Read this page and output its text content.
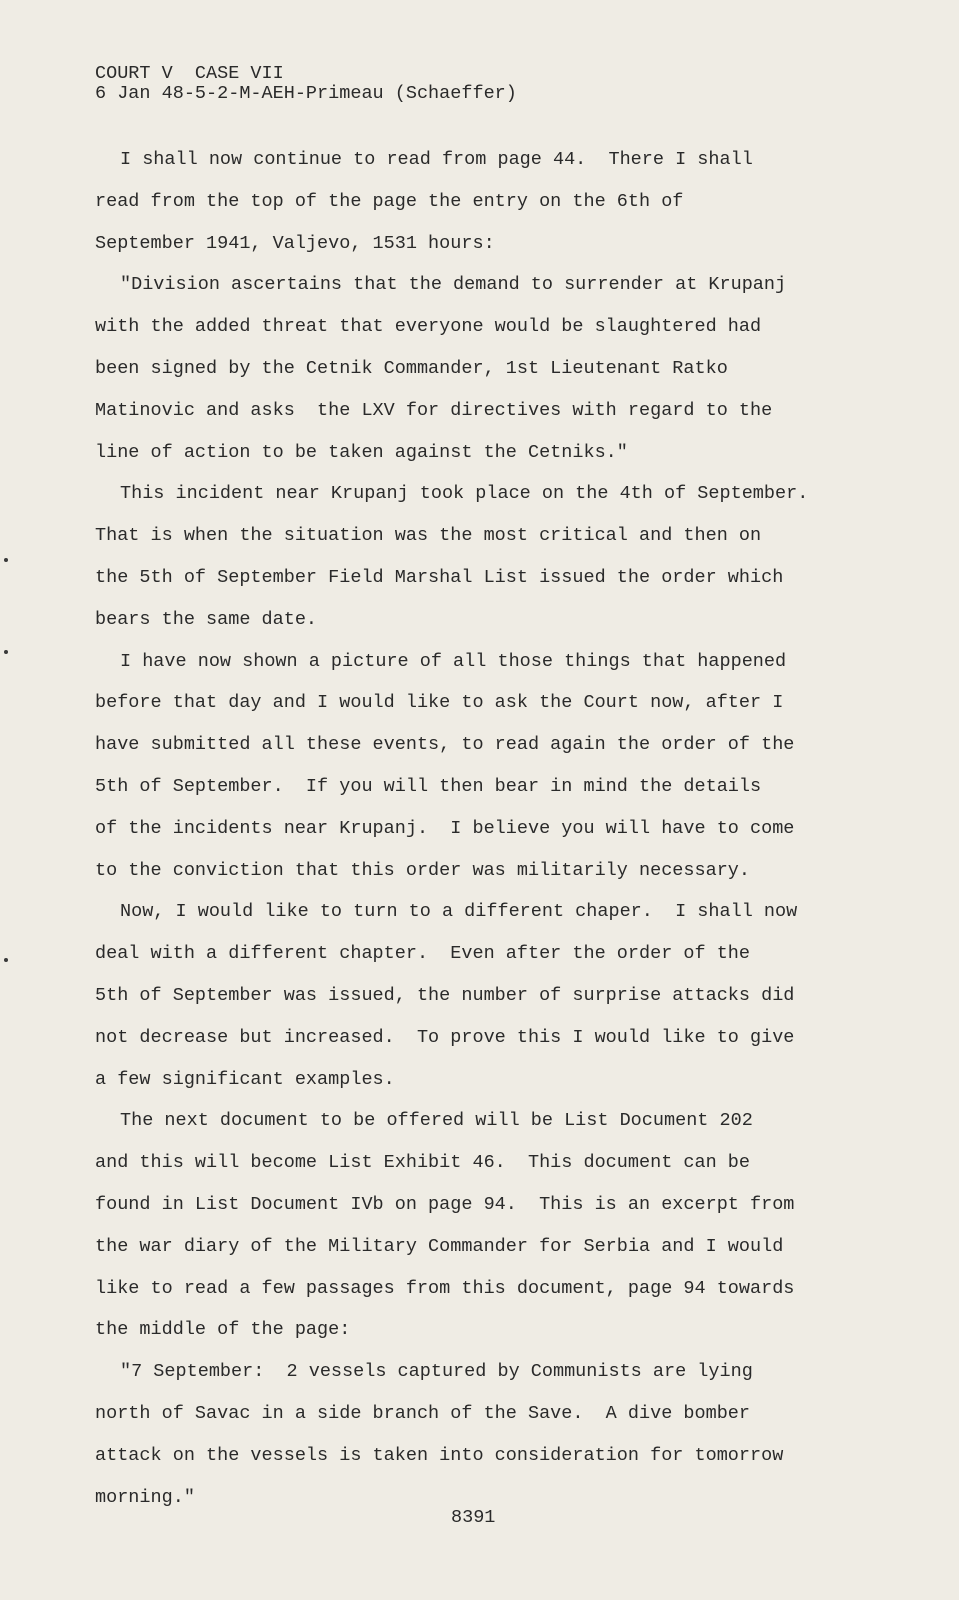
COURT V  CASE VII
6 Jan 48-5-2-M-AEH-Primeau (Schaeffer)
I shall now continue to read from page 44.  There I shall
read from the top of the page the entry on the 6th of
September 1941, Valjevo, 1531 hours:
"Division ascertains that the demand to surrender at Krupanj
with the added threat that everyone would be slaughtered had
been signed by the Cetnik Commander, 1st Lieutenant Ratko
Matinovic and asks  the LXV for directives with regard to the
line of action to be taken against the Cetniks."
This incident near Krupanj took place on the 4th of September.
That is when the situation was the most critical and then on
the 5th of September Field Marshal List issued the order which
bears the same date.
I have now shown a picture of all those things that happened
before that day and I would like to ask the Court now, after I
have submitted all these events, to read again the order of the
5th of September.  If you will then bear in mind the details
of the incidents near Krupanj.  I believe you will have to come
to the conviction that this order was militarily necessary.
Now, I would like to turn to a different chaper.  I shall now
deal with a different chapter.  Even after the order of the
5th of September was issued, the number of surprise attacks did
not decrease but increased.  To prove this I would like to give
a few significant examples.
The next document to be offered will be List Document 202
and this will become List Exhibit 46.  This document can be
found in List Document IVb on page 94.  This is an excerpt from
the war diary of the Military Commander for Serbia and I would
like to read a few passages from this document, page 94 towards
the middle of the page:
"7 September:  2 vessels captured by Communists are lying
north of Savac in a side branch of the Save.  A dive bomber
attack on the vessels is taken into consideration for tomorrow
morning."
8391
